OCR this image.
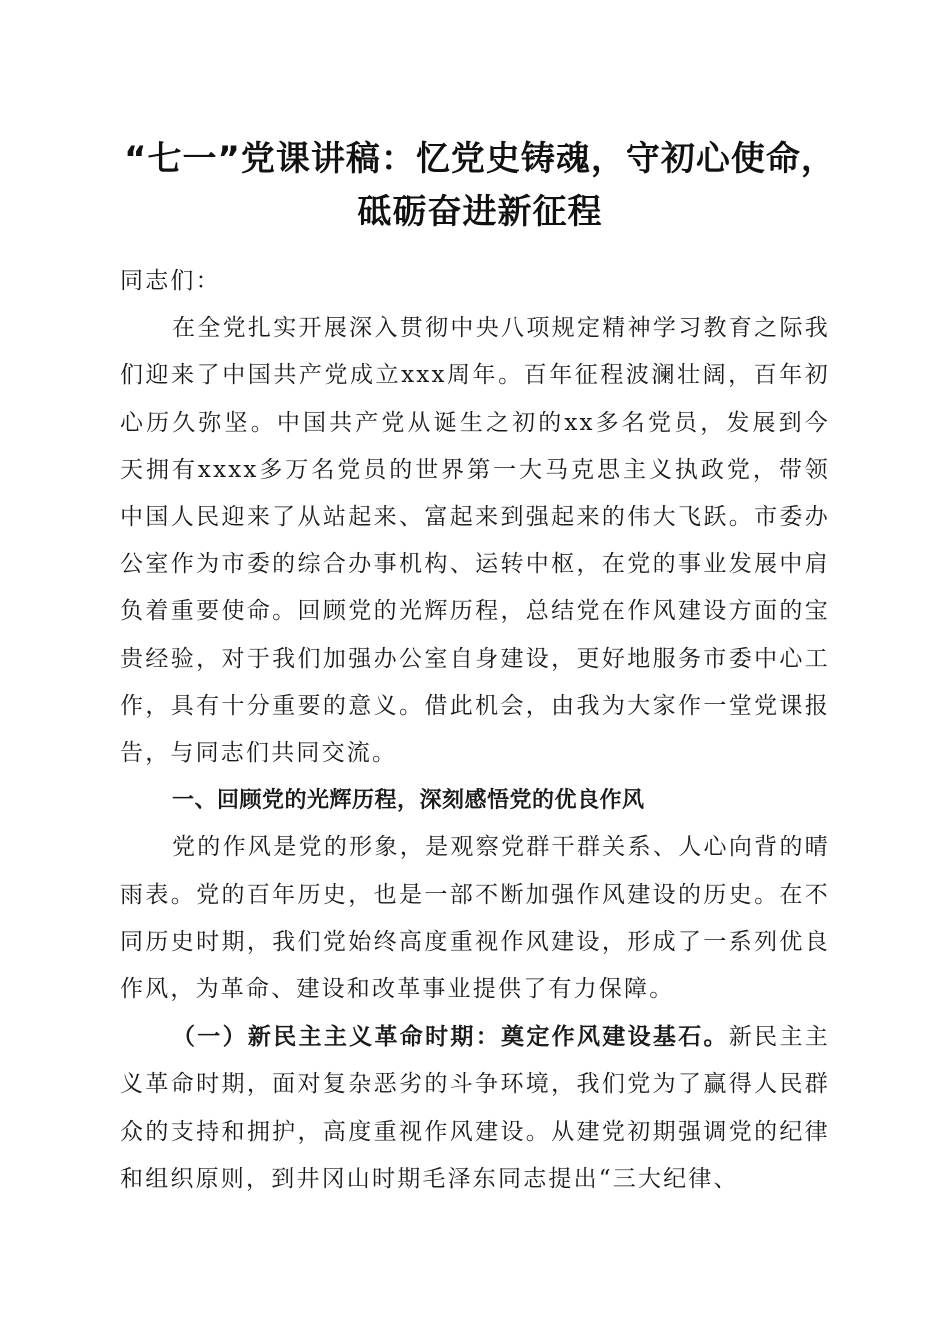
“七一”党课讲稿：忆党史铸魂，守初心使命，
砥砺奋进新征程

同志们：

在全党扎实开展深入贯彻中央八项规定精神学习教育之际我们迎来了中国共产党成立xxx周年。百年征程波澜壮阔，百年初心历久弥坚。中国共产党从诞生之初的xx多名党员，发展到今天拥有xxxx多万名党员的世界第一大马克思主义执政党，带领中国人民迎来了从站起来、富起来到强起来的伟大飞跃。市委办公室作为市委的综合办事机构、运转中枢，在党的事业发展中肩负着重要使命。回顾党的光辉历程，总结党在作风建设方面的宝贵经验，对于我们加强办公室自身建设，更好地服务市委中心工作，具有十分重要的意义。借此机会，由我为大家作一堂党课报告，与同志们共同交流。

一、回顾党的光辉历程，深刻感悟党的优良作风

党的作风是党的形象，是观察党群干群关系、人心向背的晴雨表。党的百年历史，也是一部不断加强作风建设的历史。在不同历史时期，我们党始终高度重视作风建设，形成了一系列优良作风，为革命、建设和改革事业提供了有力保障。

（一）新民主主义革命时期：奠定作风建设基石。新民主主义革命时期，面对复杂恶劣的斗争环境，我们党为了赢得人民群众的支持和拥护，高度重视作风建设。从建党初期强调党的纪律和组织原则，到井冈山时期毛泽东同志提出“三大纪律、
